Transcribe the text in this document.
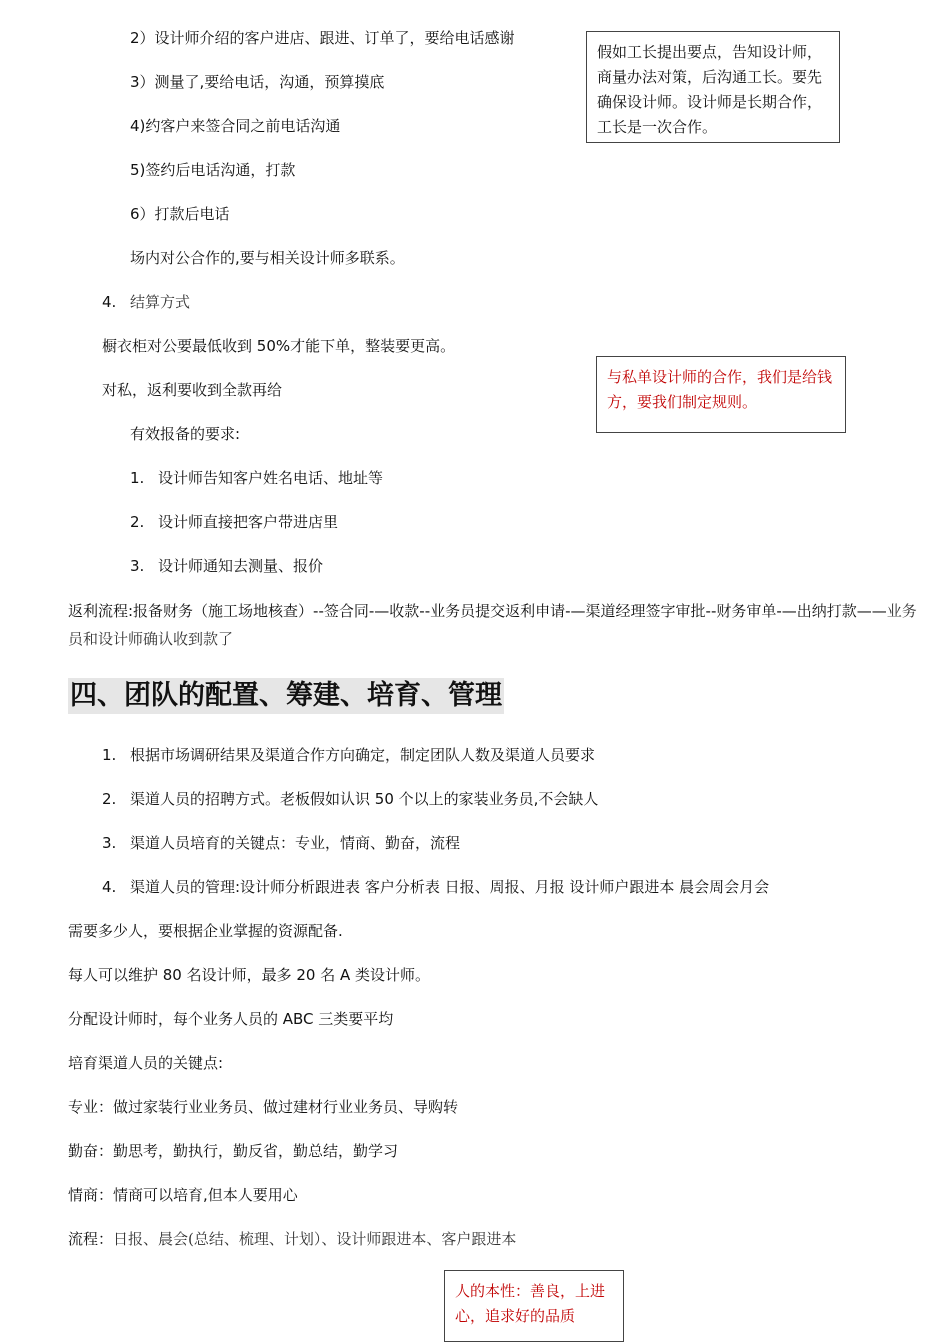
2）设计师介绍的客户进店、跟进、订单了，要给电话感谢
3）测量了,要给电话，沟通，预算摸底
4)约客户来签合同之前电话沟通
5)签约后电话沟通，打款
6）打款后电话
场内对公合作的,要与相关设计师多联系。
4. 结算方式
橱衣柜对公要最低收到 50%才能下单，整装要更高。
对私，返利要收到全款再给
有效报备的要求:
1. 设计师告知客户姓名电话、地址等
2. 设计师直接把客户带进店里
3. 设计师通知去测量、报价
返利流程:报备财务（施工场地核查）--签合同-—收款--业务员提交返利申请-—渠道经理签字审批--财务审单-—出纳打款——业务员和设计师确认收到款了
四、团队的配置、筹建、培育、管理
1. 根据市场调研结果及渠道合作方向确定，制定团队人数及渠道人员要求
2. 渠道人员的招聘方式。老板假如认识 50 个以上的家装业务员,不会缺人
3. 渠道人员培育的关键点：专业，情商、勤奋，流程
4. 渠道人员的管理:设计师分析跟进表 客户分析表 日报、周报、月报 设计师户跟进本 晨会周会月会
需要多少人，要根据企业掌握的资源配备.
每人可以维护 80 名设计师，最多 20 名 A 类设计师。
分配设计师时，每个业务人员的 ABC 三类要平均
培育渠道人员的关键点:
专业：做过家装行业业务员、做过建材行业业务员、导购转
勤奋：勤思考，勤执行，勤反省，勤总结，勤学习
情商：情商可以培育,但本人要用心
流程：日报、晨会(总结、梳理、计划）、设计师跟进本、客户跟进本
假如工长提出要点，告知设计师，商量办法对策，后沟通工长。要先确保设计师。设计师是长期合作，工长是一次合作。
与私单设计师的合作，我们是给钱方，要我们制定规则。
人的本性：善良，上进心，追求好的品质
